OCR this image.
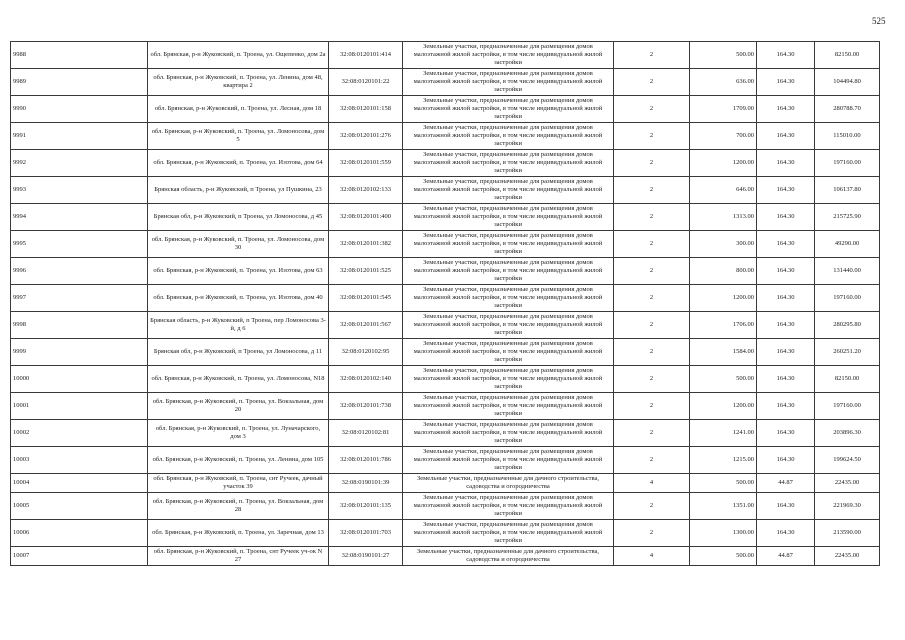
525
9988	обл. Брянская, р-н Жуковский, п. Троена, ул. Ощепенко, дом 2а	32:08:0120101:414	Земельные участки, предназначенные для размещения домов малоэтажной жилой застройки, в том числе индивидуальной жилой застройки	2	500.00	164.30	82150.00
9989	обл. Брянская, р-н Жуковский, п. Троена, ул. Ленина, дом 48, квартира 2	32:08:0120101:22	Земельные участки, предназначенные для размещения домов малоэтажной жилой застройки, в том числе индивидуальной жилой застройки	2	636.00	164.30	104494.80
9990	обл. Брянская, р-н Жуковский, п. Троена, ул. Лесная, дом 18	32:08:0120101:158	Земельные участки, предназначенные для размещения домов малоэтажной жилой застройки, в том числе индивидуальной жилой застройки	2	1709.00	164.30	280788.70
9991	обл. Брянская, р-н Жуковский, п. Троена, ул. Ломоносова, дом 5	32:08:0120101:276	Земельные участки, предназначенные для размещения домов малоэтажной жилой застройки, в том числе индивидуальной жилой застройки	2	700.00	164.30	115010.00
9992	обл. Брянская, р-н Жуковский, п. Троена, ул. Изотова, дом 64	32:08:0120101:559	Земельные участки, предназначенные для размещения домов малоэтажной жилой застройки, в том числе индивидуальной жилой застройки	2	1200.00	164.30	197160.00
9993	Брянская область, р-н Жуковский, п Троена, ул Пушкина, 23	32:08:0120102:133	Земельные участки, предназначенные для размещения домов малоэтажной жилой застройки, в том числе индивидуальной жилой застройки	2	646.00	164.30	106137.80
9994	Брянская обл, р-н Жуковский, п Троена, ул Ломоносова, д 45	32:08:0120101:400	Земельные участки, предназначенные для размещения домов малоэтажной жилой застройки, в том числе индивидуальной жилой застройки	2	1313.00	164.30	215725.90
9995	обл. Брянская, р-н Жуковский, п. Троена, ул. Ломоносова, дом 30	32:08:0120101:382	Земельные участки, предназначенные для размещения домов малоэтажной жилой застройки, в том числе индивидуальной жилой застройки	2	300.00	164.30	49290.00
9996	обл. Брянская, р-н Жуковский, п. Троена, ул. Изотова, дом 63	32:08:0120101:525	Земельные участки, предназначенные для размещения домов малоэтажной жилой застройки, в том числе индивидуальной жилой застройки	2	800.00	164.30	131440.00
9997	обл. Брянская, р-н Жуковский, п. Троена, ул. Изотова, дом 40	32:08:0120101:545	Земельные участки, предназначенные для размещения домов малоэтажной жилой застройки, в том числе индивидуальной жилой застройки	2	1200.00	164.30	197160.00
9998	Брянская область, р-н Жуковский, п Троена, пер Ломоносова 3-й, д 6	32:08:0120101:567	Земельные участки, предназначенные для размещения домов малоэтажной жилой застройки, в том числе индивидуальной жилой застройки	2	1706.00	164.30	280295.80
9999	Брянская обл, р-н Жуковский, п Троена, ул Ломоносова, д 11	32:08:0120102:95	Земельные участки, предназначенные для размещения домов малоэтажной жилой застройки, в том числе индивидуальной жилой застройки	2	1584.00	164.30	260251.20
10000	обл. Брянская, р-н Жуковский, п. Троена, ул. Ломоносова, N18	32:08:0120102:140	Земельные участки, предназначенные для размещения домов малоэтажной жилой застройки, в том числе индивидуальной жилой застройки	2	500.00	164.30	82150.00
10001	обл. Брянская, р-н Жуковский, п. Троена, ул. Вокзальная, дом 20	32:08:0120101:738	Земельные участки, предназначенные для размещения домов малоэтажной жилой застройки, в том числе индивидуальной жилой застройки	2	1200.00	164.30	197160.00
10002	обл. Брянская, р-н Жуковский, п. Троена, ул. Луначарского, дом 3	32:08:0120102:81	Земельные участки, предназначенные для размещения домов малоэтажной жилой застройки, в том числе индивидуальной жилой застройки	2	1241.00	164.30	203896.30
10003	обл. Брянская, р-н Жуковский, п. Троена, ул. Ленина, дом 105	32:08:0120101:786	Земельные участки, предназначенные для размещения домов малоэтажной жилой застройки, в том числе индивидуальной жилой застройки	2	1215.00	164.30	199624.50
10004	обл. Брянская, р-н Жуковский, п. Троена, снт Ручеек, дачный участок 39	32:08:0190101:39	Земельные участки, предназначенные для дачного строительства, садоводства и огородничества	4	500.00	44.87	22435.00
10005	обл. Брянская, р-н Жуковский, п. Троена, ул. Вокзальная, дом 28	32:08:0120101:135	Земельные участки, предназначенные для размещения домов малоэтажной жилой застройки, в том числе индивидуальной жилой застройки	2	1351.00	164.30	221969.30
10006	обл. Брянская, р-н Жуковский, п. Троена, ул. Заречная, дом 13	32:08:0120101:703	Земельные участки, предназначенные для размещения домов малоэтажной жилой застройки, в том числе индивидуальной жилой застройки	2	1300.00	164.30	213590.00
10007	обл. Брянская, р-н Жуковский, п. Троена, снт Ручеек уч-ок N 27	32:08:0190101:27	Земельные участки, предназначенные для дачного строительства, садоводства и огородничества	4	500.00	44.87	22435.00
